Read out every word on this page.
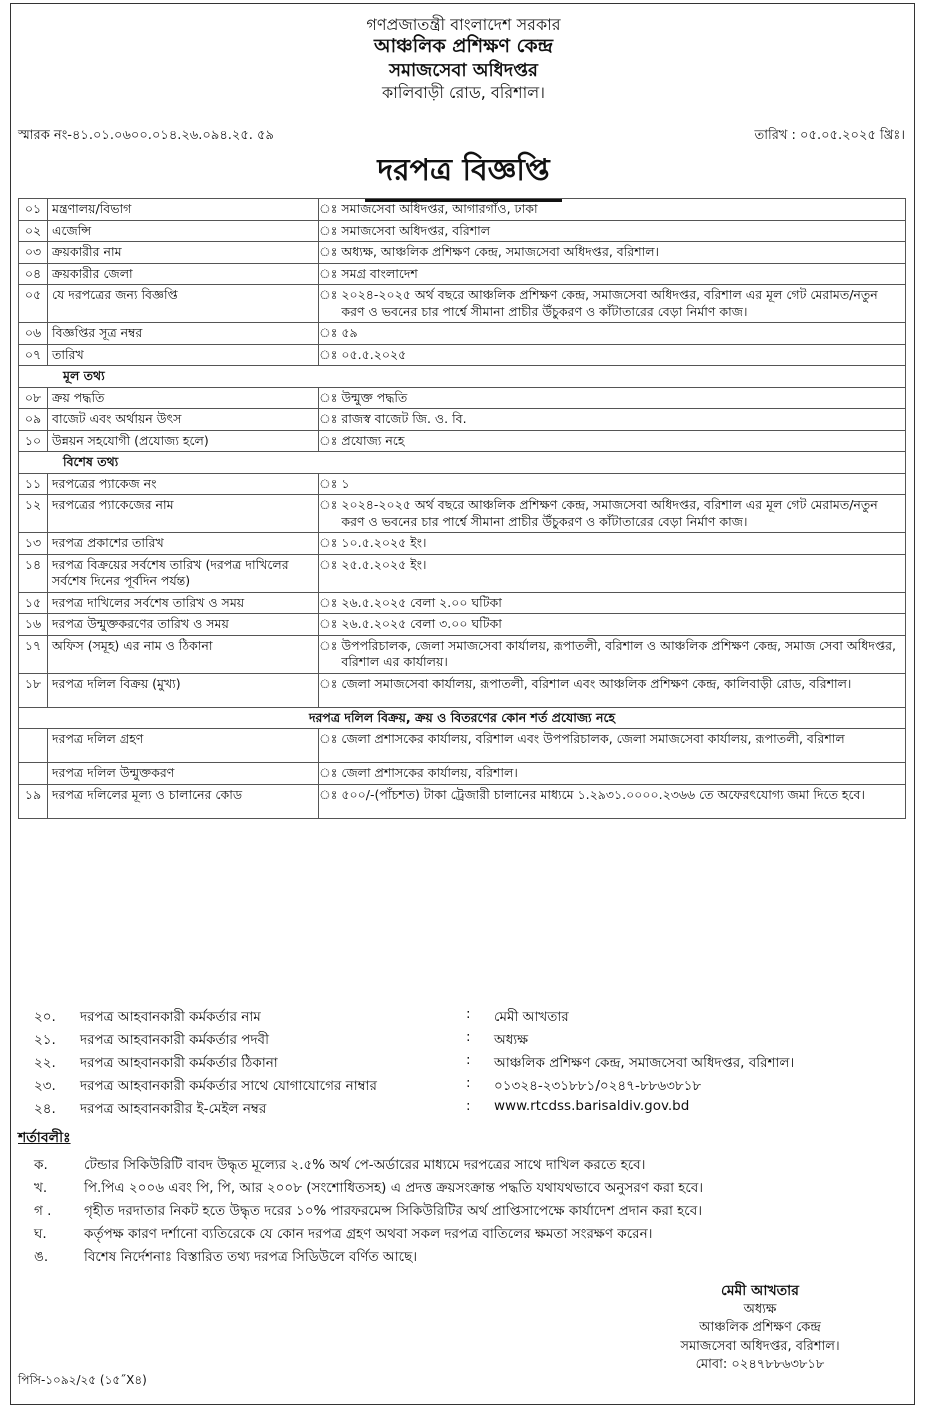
গণপ্রজাতন্ত্রী বাংলাদেশ সরকার
আঞ্চলিক প্রশিক্ষণ কেন্দ্র
সমাজসেবা অধিদপ্তর
কালিবাড়ী রোড, বরিশাল।
স্মারক নং-৪১.০১.০৬০০.০১৪.২৬.০৯৪.২৫. ৫৯	তারিখ : ০৫.০৫.২০২৫ খ্রিঃ।
দরপত্র বিজ্ঞপ্তি
০১	মন্ত্রণালয়/বিভাগ	ঃ	সমাজসেবা অধিদপ্তর, আগারগাঁও, ঢাকা
০২	এজেন্সি	ঃ	সমাজসেবা অধিদপ্তর, বরিশাল
০৩	ক্রয়কারীর নাম	ঃ	অধ্যক্ষ, আঞ্চলিক প্রশিক্ষণ কেন্দ্র, সমাজসেবা অধিদপ্তর, বরিশাল।
০৪	ক্রয়কারীর জেলা	ঃ	সমগ্র বাংলাদেশ
০৫	যে দরপত্রের জন্য বিজ্ঞপ্তি	ঃ	২০২৪-২০২৫ অর্থ বছরে আঞ্চলিক প্রশিক্ষণ কেন্দ্র, সমাজসেবা অধিদপ্তর, বরিশাল এর মূল গেট মেরামত/নতুন করণ ও ভবনের চার পার্শ্বে সীমানা প্রাচীর উঁচুকরণ ও কাঁটাতারের বেড়া নির্মাণ কাজ।
০৬	বিজ্ঞপ্তির সূত্র নম্বর	ঃ	৫৯
০৭	তারিখ	ঃ	০৫.৫.২০২৫
মূল তথ্য			
০৮	ক্রয় পদ্ধতি	ঃ	উন্মুক্ত পদ্ধতি
০৯	বাজেট এবং অর্থায়ন উৎস	ঃ	রাজস্ব বাজেট জি. ও. বি.
১০	উন্নয়ন সহযোগী (প্রযোজ্য হলে)	ঃ	প্রযোজ্য নহে
বিশেষ তথ্য			
১১	দরপত্রের প্যাকেজ নং	ঃ	১
১২	দরপত্রের প্যাকেজের নাম	ঃ	২০২৪-২০২৫ অর্থ বছরে আঞ্চলিক প্রশিক্ষণ কেন্দ্র, সমাজসেবা অধিদপ্তর, বরিশাল এর মূল গেট মেরামত/নতুন করণ ও ভবনের চার পার্শ্বে সীমানা প্রাচীর উঁচুকরণ ও কাঁটাতারের বেড়া নির্মাণ কাজ।
১৩	দরপত্র প্রকাশের তারিখ	ঃ	১০.৫.২০২৫ ইং।
১৪	দরপত্র বিক্রয়ের সর্বশেষ তারিখ (দরপত্র দাখিলের সর্বশেষ দিনের পূর্বদিন পর্যন্ত)	ঃ	২৫.৫.২০২৫ ইং।
১৫	দরপত্র দাখিলের সর্বশেষ তারিখ ও সময়	ঃ	২৬.৫.২০২৫ বেলা ২.০০ ঘটিকা
১৬	দরপত্র উন্মুক্তকরণের তারিখ ও সময়	ঃ	২৬.৫.২০২৫ বেলা ৩.০০ ঘটিকা
১৭	অফিস (সমূহ) এর নাম ও ঠিকানা	ঃ	উপপরিচালক, জেলা সমাজসেবা কার্যালয়, রূপাতলী, বরিশাল ও আঞ্চলিক প্রশিক্ষণ কেন্দ্র, সমাজ সেবা অধিদপ্তর, বরিশাল এর কার্যালয়।
১৮	দরপত্র দলিল বিক্রয় (মুখ্য)	ঃ	জেলা সমাজসেবা কার্যালয়, রূপাতলী, বরিশাল এবং আঞ্চলিক প্রশিক্ষণ কেন্দ্র, কালিবাড়ী রোড, বরিশাল।
দরপত্র দলিল বিক্রয়, ক্রয় ও বিতরণের কোন শর্ত প্রযোজ্য নহে			
	দরপত্র দলিল গ্রহণ	ঃ	জেলা প্রশাসকের কার্যালয়, বরিশাল এবং উপপরিচালক, জেলা সমাজসেবা কার্যালয়, রূপাতলী, বরিশাল
	দরপত্র দলিল উন্মুক্তকরণ	ঃ	জেলা প্রশাসকের কার্যালয়, বরিশাল।
১৯	দরপত্র দলিলের মূল্য ও চালানের কোড	ঃ	৫০০/-(পাঁচশত) টাকা ট্রেজারী চালানের মাধ্যমে ১.২৯৩১.০০০০.২৩৬৬ তে অফেরৎযোগ্য জমা দিতে হবে।
২০. দরপত্র আহবানকারী কর্মকর্তার নাম	: মেমী আখতার
২১. দরপত্র আহবানকারী কর্মকর্তার পদবী	: অধ্যক্ষ
২২. দরপত্র আহবানকারী কর্মকর্তার ঠিকানা	: আঞ্চলিক প্রশিক্ষণ কেন্দ্র, সমাজসেবা অধিদপ্তর, বরিশাল।
২৩. দরপত্র আহবানকারী কর্মকর্তার সাথে যোগাযোগের নাম্বার	: ০১৩২৪-২৩১৮৮১/০২৪৭-৮৮৬৩৮১৮
২৪. দরপত্র আহবানকারীর ই-মেইল নম্বর	: www.rtcdss.barisaldiv.gov.bd
শর্তাবলীঃ
ক.	টেন্ডার সিকিউরিটি বাবদ উদ্ধৃত মূল্যের ২.৫% অর্থ পে-অর্ডারের মাধ্যমে দরপত্রের সাথে দাখিল করতে হবে।
খ.	পি.পিএ ২০০৬ এবং পি, পি, আর ২০০৮ (সংশোধিতসহ) এ প্রদত্ত ক্রয়সংক্রান্ত পদ্ধতি যথাযথভাবে অনুসরণ করা হবে।
গ . গৃহীত দরদাতার নিকট হতে উদ্ধৃত দরের ১০% পারফরমেন্স সিকিউরিটির অর্থ প্রাপ্তিসাপেক্ষে কার্যাদেশ প্রদান করা হবে।
ঘ.	কর্তৃপক্ষ কারণ দর্শানো ব্যতিরেকে যে কোন দরপত্র গ্রহণ অথবা সকল দরপত্র বাতিলের ক্ষমতা সংরক্ষণ করেন।
ঙ.	বিশেষ নির্দেশনাঃ বিস্তারিত তথ্য দরপত্র সিডিউলে বর্ণিত আছে।
মেমী আখতার
অধ্যক্ষ
আঞ্চলিক প্রশিক্ষণ কেন্দ্র
সমাজসেবা অধিদপ্তর, বরিশাল।
মোবা: ০২৪৭৮৮৬৩৮১৮
পিসি-১০৯২/২৫ (১৫˝X৪)
